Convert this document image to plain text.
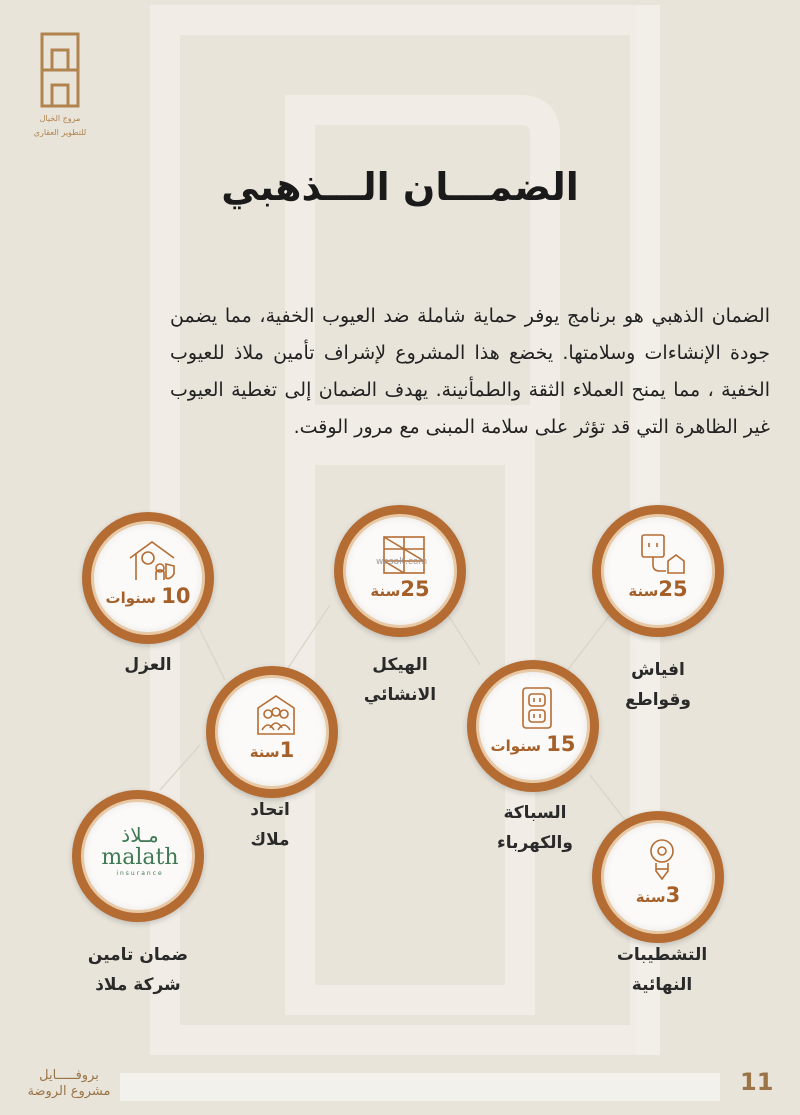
مروج الخيال
للتطوير العقاري
الضمـــان الـــذهبي
الضمان الذهبي هو برنامج يوفر حماية شاملة ضد العيوب الخفية، مما يضمن جودة الإنشاءات وسلامتها. يخضع هذا المشروع لإشراف تأمين ملاذ للعيوب الخفية ، مما يمنح العملاء الثقة والطمأنينة. يهدف الضمان إلى تغطية العيوب غير الظاهرة التي قد تؤثر على سلامة المبنى مع مرور الوقت.
10 سنوات
wasalt.com
25سنة	25سنة
1سنة	15 سنوات
3سنة
مـلاذ
malath
insurance
العزل	الهيكل
الانشائي
افياش
وقواطع
اتحاد
ملاك
السباكة
والكهرباء
التشطيبات
النهائية
ضمان تامين
شركة ملاذ
بروفـــــايل
مشروع الروضة	11
